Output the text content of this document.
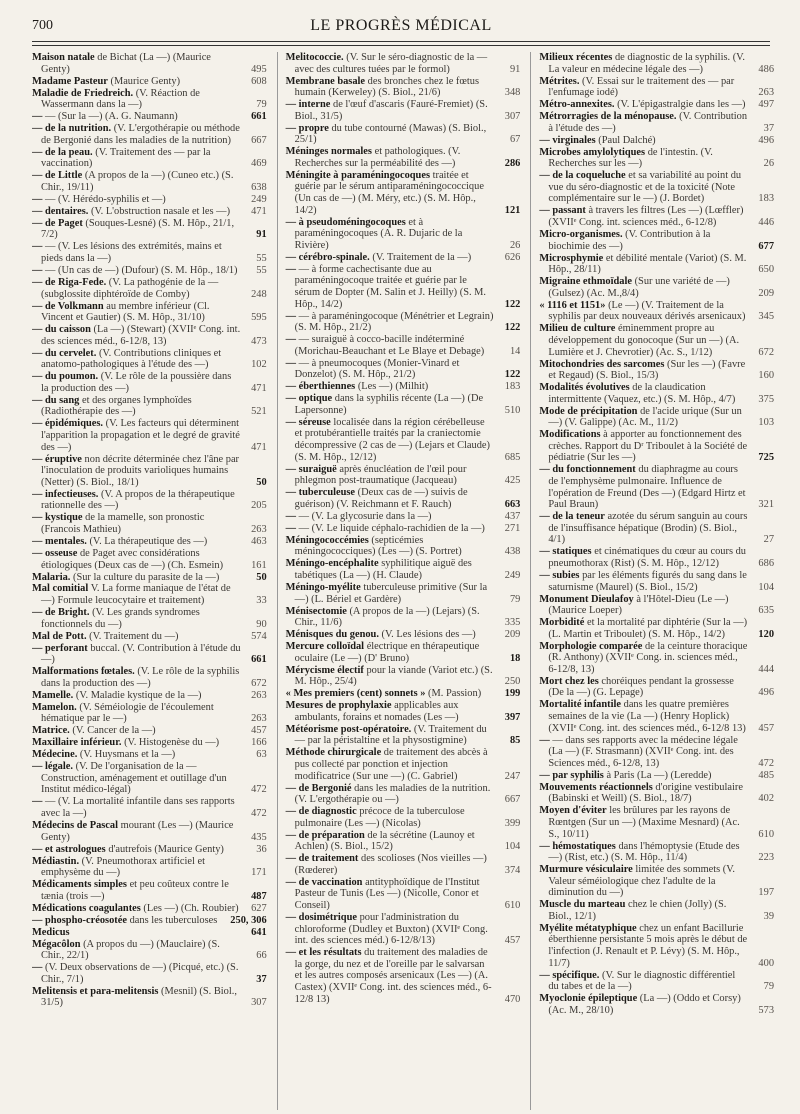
700	LE PROGRÈS MÉDICAL
Maison natale de Bichat (La —) (Maurice Genty)	495
Madame Pasteur (Maurice Genty)	608
Maladie de Friedreich. (V. Réaction de Wassermann dans la —)	79
— — (Sur la —) (A. G. Naumann)	661
— de la nutrition. (V. L'ergothérapie ou méthode de Bergonié dans les maladies de la nutrition) 667
— de la peau. (V. Traitement des — par la vaccination)	469
— de Little (A propos de la —) (Cuneo etc.) (S. Chir., 19/11)	638
— — (V. Hérédo-syphilis et —)	249
— dentaires. (V. L'obstruction nasale et les —) 471
— de Paget (Souques-Lesné) (S. M. Hôp., 21/1, 7/2)	91
— — (V. Les lésions des extrémités, mains et pieds dans la —)	55
— — (Un cas de —) (Dufour) (S. M. Hôp., 18/1) 55
— de Riga-Fede. (V. La pathogénie de la — (subglossite diphtéroïde de Comby)	248
— de Volkmann au membre inférieur (Cl. Vincent et Gautier) (S. M. Hôp., 31/10)	595
— du caisson (La —) (Stewart) (XVIIᵉ Cong. int. des sciences méd., 6-12/8, 13)	473
— du cervelet. (V. Contributions cliniques et anatomo-pathologiques à l'étude des —)	102
— du poumon. (V. Le rôle de la poussière dans la production des —)	471
— du sang et des organes lymphoïdes (Radiothérapie des —)	521
— épidémiques. (V. Les facteurs qui déterminent l'apparition la propagation et le degré de gravité des —)	471
— éruptive non décrite déterminée chez l'âne par l'inoculation de produits varioliques humains (Netter) (S. Biol., 18/1)	50
— infectieuses. (V. A propos de la thérapeutique rationnelle des —)	205
— kystique de la mamelle, son pronostic (Francois Mathieu)	263
— mentales. (V. La thérapeutique des —)	463
— osseuse de Paget avec considérations étiologiques (Deux cas de —) (Ch. Esmein)	161
Malaria. (Sur la culture du parasite de la —)	50
Mal comitial V. La forme maniaque de l'état de —) Formule leucocytaire et traitement)	33
— de Bright. (V. Les grands syndromes fonctionnels du —)	90
Mal de Pott. (V. Traitement du —)	574
— perforant buccal. (V. Contribution à l'étude du —)	661
Malformations fœtales. (V. Le rôle de la syphilis dans la production des —)	672
Mamelle. (V. Maladie kystique de la —)	263
Mamelon. (V. Séméiologie de l'écoulement hématique par le —)	263
Matrice. (V. Cancer de la —)	457
Maxillaire inférieur. (V. Histogenèse du —)	166
Médecine. (V. Huysmans et la —)	63
— légale. (V. De l'organisation de la — Construction, aménagement et outillage d'un Institut médico-légal)	472
— — (V. La mortalité infantile dans ses rapports avec la —)	472
Médecins de Pascal mourant (Les —) (Maurice Genty)	435
— et astrologues d'autrefois (Maurice Genty)	36
Médiastin. (V. Pneumothorax artificiel et emphysème du —)	171
Médicaments simples et peu coûteux contre le tænia (trois —)	487
Médications coagulantes (Les —) (Ch. Roubier) 627
— phospho-créosotée dans les tuberculoses 250, 306
Medicus	641
Mégacôlon (A propos du —) (Mauclaire) (S. Chir., 22/1)	66
— (V. Deux observations de —) (Picqué, etc.) (S. Chir., 7/1)	37
Melitensis et para-melitensis (Mesnil) (S. Biol., 31/5)	307
Melitococcie. (V. Sur le séro-diagnostic de la — avec des cultures tuées par le formol)	91
Membrane basale des bronches chez le fœtus humain (Kerweley) (S. Biol., 21/6)	348
— interne de l'œuf d'ascaris (Fauré-Fremiet) (S. Biol., 31/5)	307
— propre du tube contourné (Mawas) (S. Biol., 25/1)	67
Méninges normales et pathologiques. (V. Recherches sur la perméabilité des —)	286
Méningite à paraméningocoques traitée et guérie par le sérum antiparaméningococcique (Un cas de —) (M. Méry, etc.) (S. M. Hôp., 14/2)	121
— à pseudoméningocoques et à paraméningocoques (A. R. Dujaric de la Rivière)	26
— cérébro-spinale. (V. Traitement de la —)	626
— — à forme cachectisante due au paraméningocoque traitée et guérie par le sérum de Dopter (M. Salin et J. Heilly) (S. M. Hôp., 14/2)	122
— — à paraméningocoque (Ménétrier et Legrain) (S. M. Hôp., 21/2)	122
— — suraiguë à cocco-bacille indéterminé (Morichau-Beauchant et Le Blaye et Debage) 14
— — à pneumocoques (Monier-Vinard et Donzelot) (S. M. Hôp., 21/2)	122
— éberthiennes (Les —) (Milhit)	183
— optique dans la syphilis récente (La —) (De Lapersonne)	510
— séreuse localisée dans la région cérébelleuse et protubérantielle traités par la craniectomie décompressive (2 cas de —) (Lejars et Claude) (S. M. Hôp., 12/12)	685
— suraiguë après énucléation de l'œil pour phlegmon post-traumatique (Jacqueau)	425
— tuberculeuse (Deux cas de —) suivis de guérison) (V. Reichmann et F. Rauch)	663
— — (V. La glycosurie dans la —)	437
— — (V. Le liquide céphalo-rachidien de la —) 271
Méningococcémies (septicémies méningococciques) (Les —) (S. Portret)	438
Méningo-encéphalite syphilitique aiguë des tabétiques (La —) (H. Claude)	249
Méningo-myélite tuberculeuse primitive (Sur la —) (L. Bériel et Gardère)	79
Ménisectomie (A propos de la —) (Lejars) (S. Chir., 11/6)	335
Ménisques du genou. (V. Les lésions des —)	209
Mercure colloïdal électrique en thérapeutique oculaire (Le —) (D' Bruno)	18
Mérycisme électif pour la viande (Variot etc.) (S. M. Hôp., 25/4)	250
« Mes premiers (cent) sonnets » (M. Passion) 199
Mesures de prophylaxie applicables aux ambulants, forains et nomades (Les —)	397
Météorisme post-opératoire. (V. Traitement du — par la péristaltine et la physostigmine)	85
Méthode chirurgicale de traitement des abcès à pus collecté par ponction et injection modificatrice (Sur une —) (C. Gabriel)	247
— de Bergonié dans les maladies de la nutrition. (V. L'ergothérapie ou —)	667
— de diagnostic précoce de la tuberculose pulmonaire (Les —) (Nicolas)	399
— de préparation de la sécrétine (Launoy et Achlen) (S. Biol., 15/2)	104
— de traitement des scolioses (Nos vieilles —) (Rœderer)	374
— de vaccination antityphoïdique de l'Institut Pasteur de Tunis (Les —) (Nicolle, Conor et Conseil)	610
— dosimétrique pour l'administration du chloroforme (Dudley et Buxton) (XVIIᵉ Cong. int. des sciences méd.) 6-12/8/13)	457
— et les résultats du traitement des maladies de la gorge, du nez et de l'oreille par le salvarsan et les autres composés arsenicaux (Les —) (A. Castex) (XVIIᵉ Cong. int. des sciences méd., 6-12/8 13)	470
Milieux récentes de diagnostic de la syphilis. (V. La valeur en médecine légale des —)	486
Métrites. (V. Essai sur le traitement des — par l'enfumage iodé)	263
Métro-annexites. (V. L'épigastralgie dans les —) 497
Métrorragies de la ménopause. (V. Contribution à l'étude des —)	37
— virginales (Paul Dalché)	496
Microbes amylolytiques de l'intestin. (V. Recherches sur les —)	26
— de la coqueluche et sa variabilité au point du vue du séro-diagnostic et de la toxicité (Note complémentaire sur le —) (J. Bordet)	183
— passant à travers les filtres (Les —) (Lœffler) (XVIIᵉ Cong. int. sciences méd., 6-12/8)	446
Micro-organismes. (V. Contribution à la biochimie des —)	677
Microsphymie et débilité mentale (Variot) (S. M. Hôp., 28/11)	650
Migraine ethmoïdale (Sur une variété de —) (Gulsez) (Ac. M.,8/4)	209
« 1116 et 1151» (Le —) (V. Traitement de la syphilis par deux nouveaux dérivés arsenicaux) 345
Milieu de culture éminemment propre au développement du gonocoque (Sur un —) (A. Lumière et J. Chevrotier) (Ac. S., 1/12)	672
Mitochondries des sarcomes (Sur les —) (Favre et Regaud) (S. Biol., 15/3)	160
Modalités évolutives de la claudication intermittente (Vaquez, etc.) (S. M. Hôp., 4/7) 375
Mode de précipitation de l'acide urique (Sur un —) (V. Galippe) (Ac. M., 11/2)	103
Modifications à apporter au fonctionnement des crèches. Rapport du Dʳ Triboulet à la Société de pédiatrie (Sur les —)	725
— du fonctionnement du diaphragme au cours de l'emphysème pulmonaire. Influence de l'opération de Freund (Des —) (Edgard Hirtz et Paul Braun)	321
— de la teneur azotée du sérum sanguin au cours de l'insuffisance hépatique (Brodin) (S. Biol., 4/1)	27
— statiques et cinématiques du cœur au cours du pneumothorax (Rist) (S. M. Hôp., 12/12)	686
— subies par les éléments figurés du sang dans le saturnisme (Maurel) (S. Biol., 15/2)	104
Monument Dieulafoy à l'Hôtel-Dieu (Le —) (Maurice Loeper)	635
Morbidité et la mortalité par diphtérie (Sur la —) (L. Martin et Triboulet) (S. M. Hôp., 14/2)	120
Morphologie comparée de la ceinture thoracique (R. Anthony) (XVIIᵉ Cong. in. sciences méd., 6-12/8, 13)	444
Mort chez les choréiques pendant la grossesse (De la —) (G. Lepage)	496
Mortalité infantile dans les quatre premières semaines de la vie (La —) (Henry Hoplick) (XVIIᵉ Cong. int. des sciences méd., 6-12/8 13) 457
— — dans ses rapports avec la médecine légale (La —) (F. Strasmann) (XVIIᵉ Cong. int. des Sciences méd., 6-12/8, 13)	472
— par syphilis à Paris (La —) (Leredde)	485
Mouvements réactionnels d'origine vestibulaire (Babinski et Weill) (S. Biol., 18/7)	402
Moyen d'éviter les brûlures par les rayons de Rœntgen (Sur un —) (Maxime Mesnard) (Ac. S., 10/11)	610
— hémostatiques dans l'hémoptysie (Etude des —) (Rist, etc.) (S. M. Hôp., 11/4)	223
Murmure vésiculaire limitée des sommets (V. Valeur séméiologique chez l'adulte de la diminution du —)	197
Muscle du marteau chez le chien (Jolly) (S. Biol., 12/1)	39
Myélite métatyphique chez un enfant Bacillurie éberthienne persistante 5 mois après le début de l'infection (J. Renault et P. Lévy) (S. M. Hôp., 11/7)	400
— spécifique. (V. Sur le diagnostic différentiel du tabes et de la —)	79
Myoclonie épileptique (La —) (Oddo et Corsy) (Ac. M., 28/10)	573
